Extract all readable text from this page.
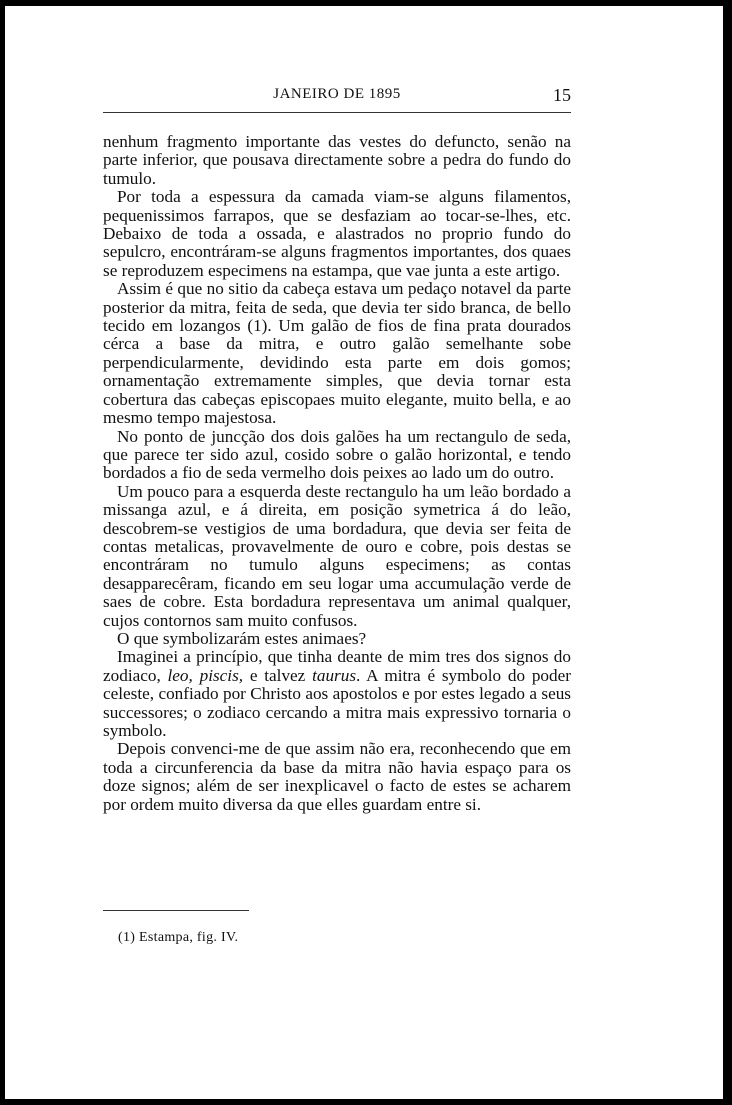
JANEIRO DE 1895	15

nenhum fragmento importante das vestes do defuncto, senão na parte inferior, que pousava directamente sobre a pedra do fundo do tumulo.

Por toda a espessura da camada viam-se alguns filamentos, pequenissimos farrapos, que se desfaziam ao tocar-se-lhes, etc. Debaixo de toda a ossada, e alastrados no proprio fundo do sepulcro, encontráram-se alguns fragmentos importantes, dos quaes se reproduzem especimens na estampa, que vae junta a este artigo.

Assim é que no sitio da cabeça estava um pedaço notavel da parte posterior da mitra, feita de seda, que devia ter sido branca, de bello tecido em lozangos (1). Um galão de fios de fina prata dourados cérca a base da mitra, e outro galão semelhante sobe perpendicularmente, devidindo esta parte em dois gomos; ornamentação extremamente simples, que devia tornar esta cobertura das cabeças episcopaes muito elegante, muito bella, e ao mesmo tempo majestosa.

No ponto de juncção dos dois galões ha um rectangulo de seda, que parece ter sido azul, cosido sobre o galão horizontal, e tendo bordados a fio de seda vermelho dois peixes ao lado um do outro.

Um pouco para a esquerda deste rectangulo ha um leão bordado a missanga azul, e á direita, em posição symetrica á do leão, descobrem-se vestigios de uma bordadura, que devia ser feita de contas metalicas, provavelmente de ouro e cobre, pois destas se encontráram no tumulo alguns especimens; as contas desapparecêram, ficando em seu logar uma accumulação verde de saes de cobre. Esta bordadura representava um animal qualquer, cujos contornos sam muito confusos.

O que symbolizarám estes animaes?

Imaginei a princípio, que tinha deante de mim tres dos signos do zodiaco, leo, piscis, e talvez taurus. A mitra é symbolo do poder celeste, confiado por Christo aos apostolos e por estes legado a seus successores; o zodiaco cercando a mitra mais expressivo tornaria o symbolo.

Depois convenci-me de que assim não era, reconhecendo que em toda a circunferencia da base da mitra não havia espaço para os doze signos; além de ser inexplicavel o facto de estes se acharem por ordem muito diversa da que elles guardam entre si.

(1) Estampa, fig. IV.
